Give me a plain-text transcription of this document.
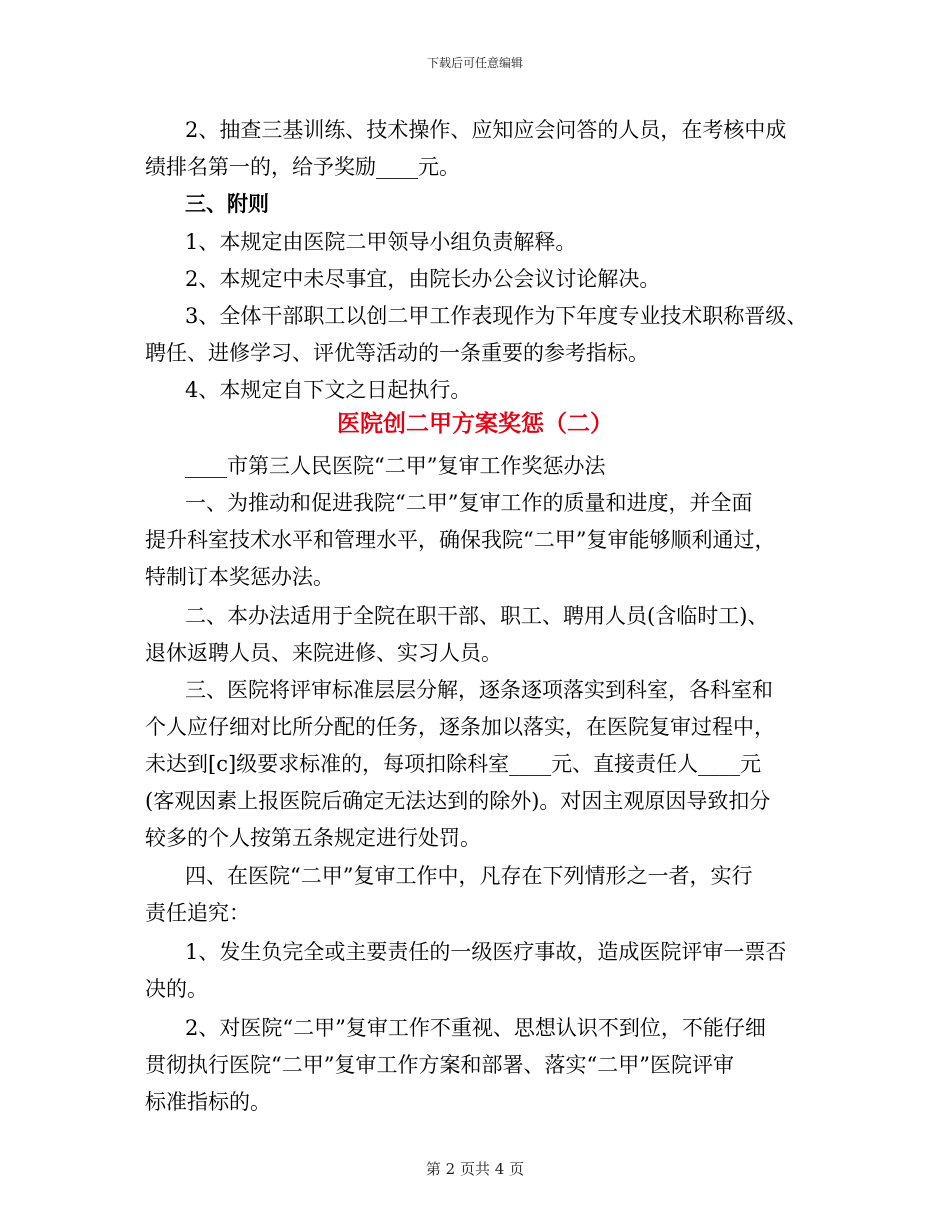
下载后可任意编辑
2、抽查三基训练、技术操作、应知应会问答的人员，在考核中成
绩排名第一的，给予奖励____元。
三、附则
1、本规定由医院二甲领导小组负责解释。
2、本规定中未尽事宜，由院长办公会议讨论解决。
3、全体干部职工以创二甲工作表现作为下年度专业技术职称晋级、
聘任、进修学习、评优等活动的一条重要的参考指标。
4、本规定自下文之日起执行。
医院创二甲方案奖惩（二）
____市第三人民医院“二甲”复审工作奖惩办法
一、为推动和促进我院“二甲”复审工作的质量和进度，并全面
提升科室技术水平和管理水平，确保我院“二甲”复审能够顺利通过，
特制订本奖惩办法。
二、本办法适用于全院在职干部、职工、聘用人员(含临时工)、
退休返聘人员、来院进修、实习人员。
三、医院将评审标准层层分解，逐条逐项落实到科室，各科室和
个人应仔细对比所分配的任务，逐条加以落实，在医院复审过程中，
未达到[c]级要求标准的，每项扣除科室____元、直接责任人____元
(客观因素上报医院后确定无法达到的除外)。对因主观原因导致扣分
较多的个人按第五条规定进行处罚。
四、在医院“二甲”复审工作中，凡存在下列情形之一者，实行
责任追究：
1、发生负完全或主要责任的一级医疗事故，造成医院评审一票否
决的。
2、对医院“二甲”复审工作不重视、思想认识不到位，不能仔细
贯彻执行医院“二甲”复审工作方案和部署、落实“二甲”医院评审
标准指标的。
第 2 页共 4 页
